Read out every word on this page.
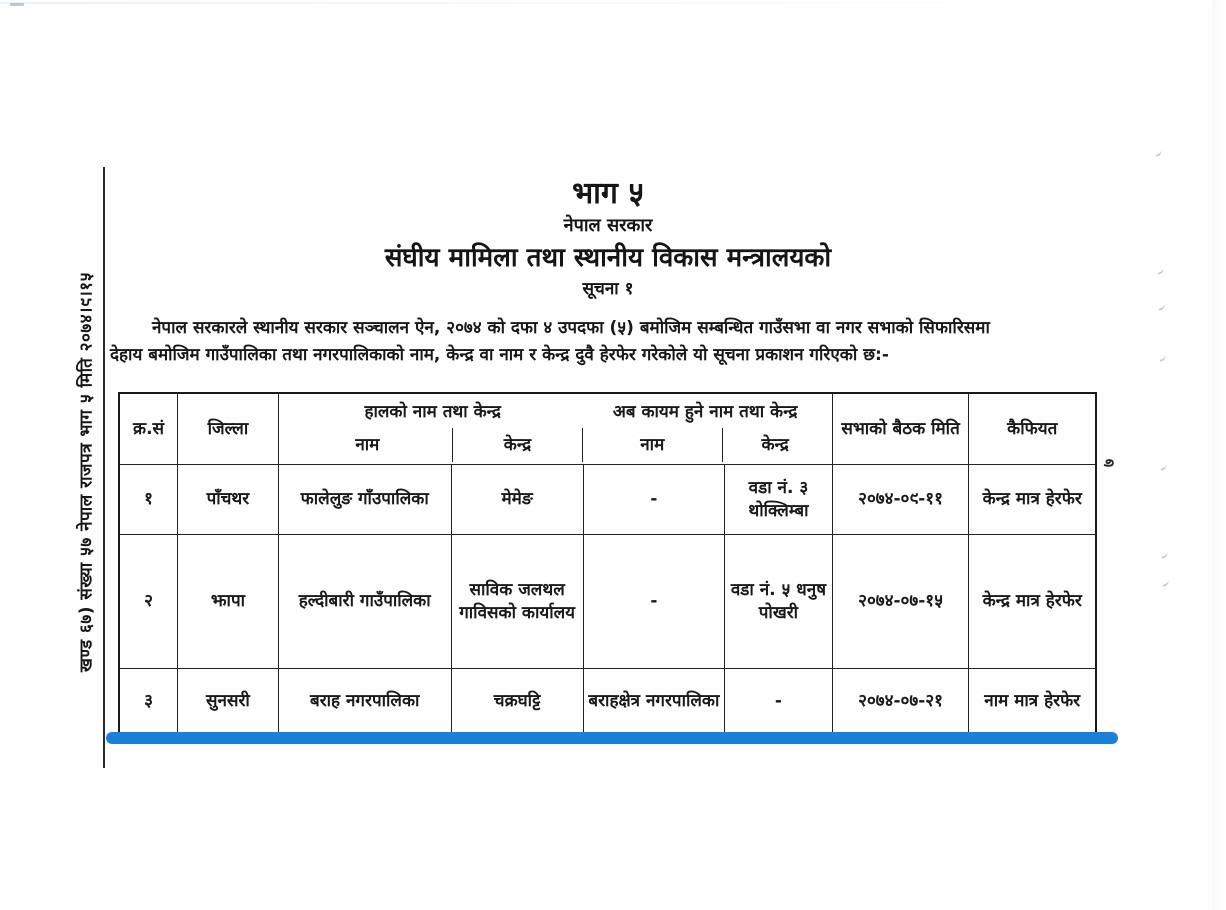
खण्ड ६७) संख्या ५७ नेपाल राजपत्र भाग ५ मिति २०७४।९।१५	७
भाग ५
नेपाल सरकार
संघीय मामिला तथा स्थानीय विकास मन्त्रालयको
सूचना १
नेपाल सरकारले स्थानीय सरकार सञ्चालन ऐन, २०७४ को दफा ४ उपदफा (५) बमोजिम सम्बन्धित गाउँसभा वा नगर सभाको सिफारिसमा
देहाय बमोजिम गाउँपालिका तथा नगरपालिकाको नाम, केन्द्र वा नाम र केन्द्र दुवै हेरफेर गरेकोले यो सूचना प्रकाशन गरिएको छ:-
क्र.सं	जिल्ला	
हालको नाम तथा केन्द्र	अब कायम हुने नाम तथा केन्द्र
नाम	केन्द्र	नाम	केन्द्र
	सभाको बैठक मिति	कैफियत
१	पाँचथर	फालेलुङ गाँउपालिका	मेमेङ	-	वडा नं. ३ थोक्लिम्बा	२०७४-०९-११	केन्द्र मात्र हेरफेर
२	झापा	हल्दीबारी गाउँपालिका	साविक जलथल गाविसको कार्यालय	-	वडा नं. ५ धनुष पोखरी	२०७४-०७-१५	केन्द्र मात्र हेरफेर
३	सुनसरी	बराह नगरपालिका	चक्रघट्टि	बराहक्षेत्र नगरपालिका	-	२०७४-०७-२१	नाम मात्र हेरफेर
